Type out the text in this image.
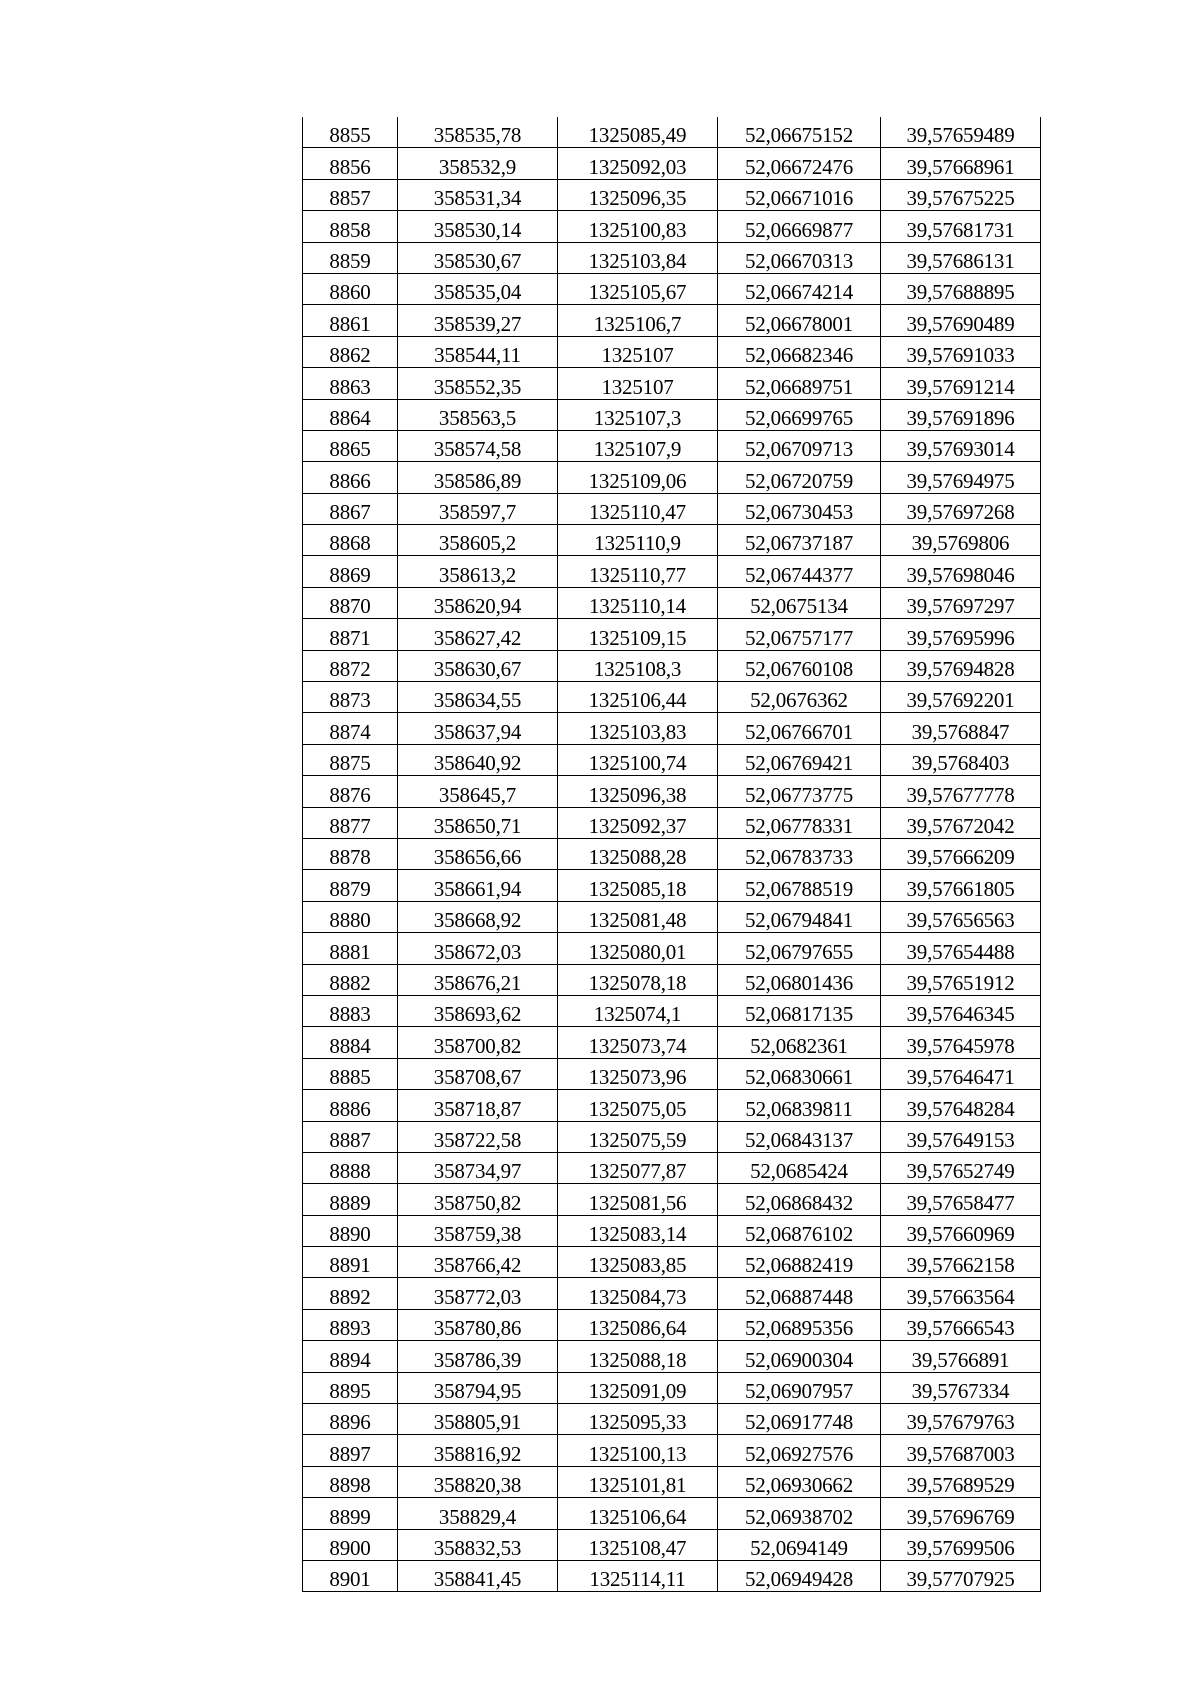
8855	358535,78	1325085,49	52,06675152	39,57659489
8856	358532,9	1325092,03	52,06672476	39,57668961
8857	358531,34	1325096,35	52,06671016	39,57675225
8858	358530,14	1325100,83	52,06669877	39,57681731
8859	358530,67	1325103,84	52,06670313	39,57686131
8860	358535,04	1325105,67	52,06674214	39,57688895
8861	358539,27	1325106,7	52,06678001	39,57690489
8862	358544,11	1325107	52,06682346	39,57691033
8863	358552,35	1325107	52,06689751	39,57691214
8864	358563,5	1325107,3	52,06699765	39,57691896
8865	358574,58	1325107,9	52,06709713	39,57693014
8866	358586,89	1325109,06	52,06720759	39,57694975
8867	358597,7	1325110,47	52,06730453	39,57697268
8868	358605,2	1325110,9	52,06737187	39,5769806
8869	358613,2	1325110,77	52,06744377	39,57698046
8870	358620,94	1325110,14	52,0675134	39,57697297
8871	358627,42	1325109,15	52,06757177	39,57695996
8872	358630,67	1325108,3	52,06760108	39,57694828
8873	358634,55	1325106,44	52,0676362	39,57692201
8874	358637,94	1325103,83	52,06766701	39,5768847
8875	358640,92	1325100,74	52,06769421	39,5768403
8876	358645,7	1325096,38	52,06773775	39,57677778
8877	358650,71	1325092,37	52,06778331	39,57672042
8878	358656,66	1325088,28	52,06783733	39,57666209
8879	358661,94	1325085,18	52,06788519	39,57661805
8880	358668,92	1325081,48	52,06794841	39,57656563
8881	358672,03	1325080,01	52,06797655	39,57654488
8882	358676,21	1325078,18	52,06801436	39,57651912
8883	358693,62	1325074,1	52,06817135	39,57646345
8884	358700,82	1325073,74	52,0682361	39,57645978
8885	358708,67	1325073,96	52,06830661	39,57646471
8886	358718,87	1325075,05	52,06839811	39,57648284
8887	358722,58	1325075,59	52,06843137	39,57649153
8888	358734,97	1325077,87	52,0685424	39,57652749
8889	358750,82	1325081,56	52,06868432	39,57658477
8890	358759,38	1325083,14	52,06876102	39,57660969
8891	358766,42	1325083,85	52,06882419	39,57662158
8892	358772,03	1325084,73	52,06887448	39,57663564
8893	358780,86	1325086,64	52,06895356	39,57666543
8894	358786,39	1325088,18	52,06900304	39,5766891
8895	358794,95	1325091,09	52,06907957	39,5767334
8896	358805,91	1325095,33	52,06917748	39,57679763
8897	358816,92	1325100,13	52,06927576	39,57687003
8898	358820,38	1325101,81	52,06930662	39,57689529
8899	358829,4	1325106,64	52,06938702	39,57696769
8900	358832,53	1325108,47	52,0694149	39,57699506
8901	358841,45	1325114,11	52,06949428	39,57707925
